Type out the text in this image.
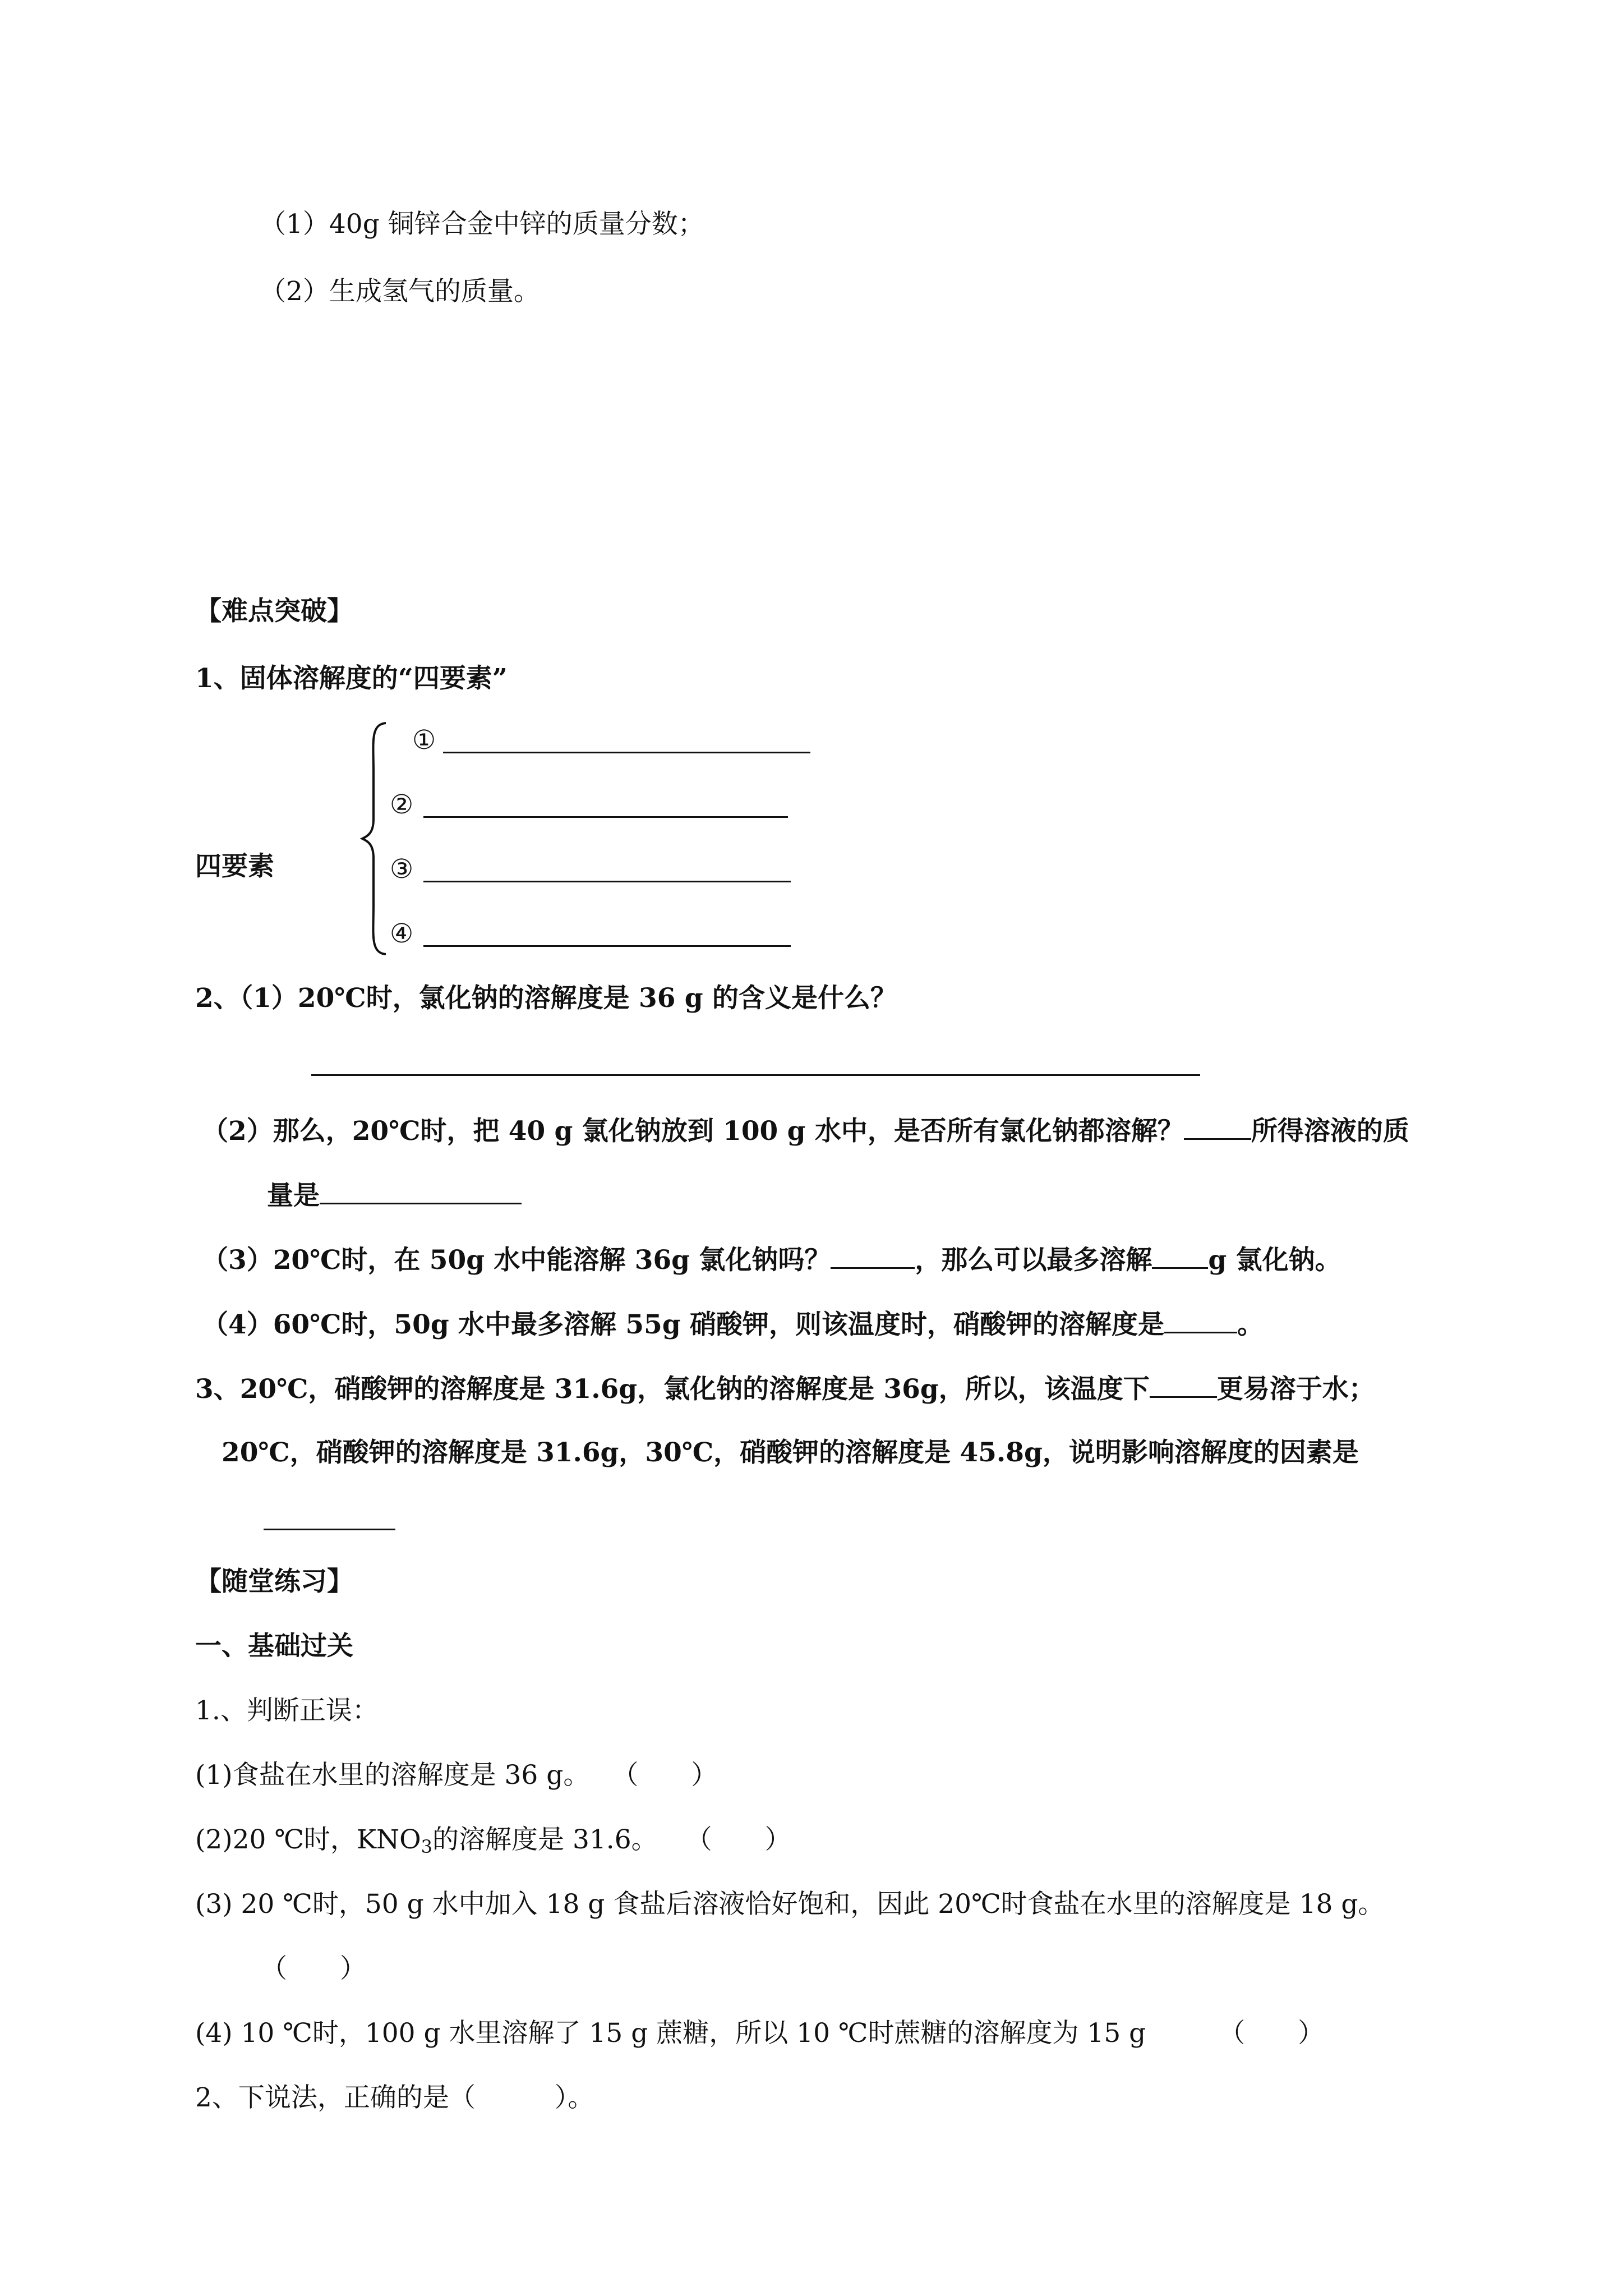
（1）40g 铜锌合金中锌的质量分数；
（2）生成氢气的质量。
【难点突破】
1、固体溶解度的“四要素”
四要素
①
②
③
④
2、（1）20℃时，氯化钠的溶解度是 36 g 的含义是什么？
（2）那么，20℃时，把 40 g 氯化钠放到 100 g 水中，是否所有氯化钠都溶解？	所得溶液的质
量是
（3）20℃时，在 50g 水中能溶解 36g 氯化钠吗？	，那么可以最多溶解 g 氯化钠。
（4）60℃时，50g 水中最多溶解 55g 硝酸钾，则该温度时，硝酸钾的溶解度是	。
3、20℃，硝酸钾的溶解度是 31.6g，氯化钠的溶解度是 36g，所以，该温度下	更易溶于水；
20℃，硝酸钾的溶解度是 31.6g，30℃，硝酸钾的溶解度是 45.8g，说明影响溶解度的因素是
【随堂练习】
一、基础过关
1.、判断正误：
(1)食盐在水里的溶解度是 36 g。 （　　）
(2)20 ℃时，$KNO_3$的溶解度是 31.6。 （　　）
(3) 20 ℃时，50 g 水中加入 18 g 食盐后溶液恰好饱和，因此 20℃时食盐在水里的溶解度是 18 g。
（　　）
(4) 10 ℃时，100 g 水里溶解了 15 g 蔗糖，所以 10 ℃时蔗糖的溶解度为 15 g	（　　）
2、下说法，正确的是（　　　）。
